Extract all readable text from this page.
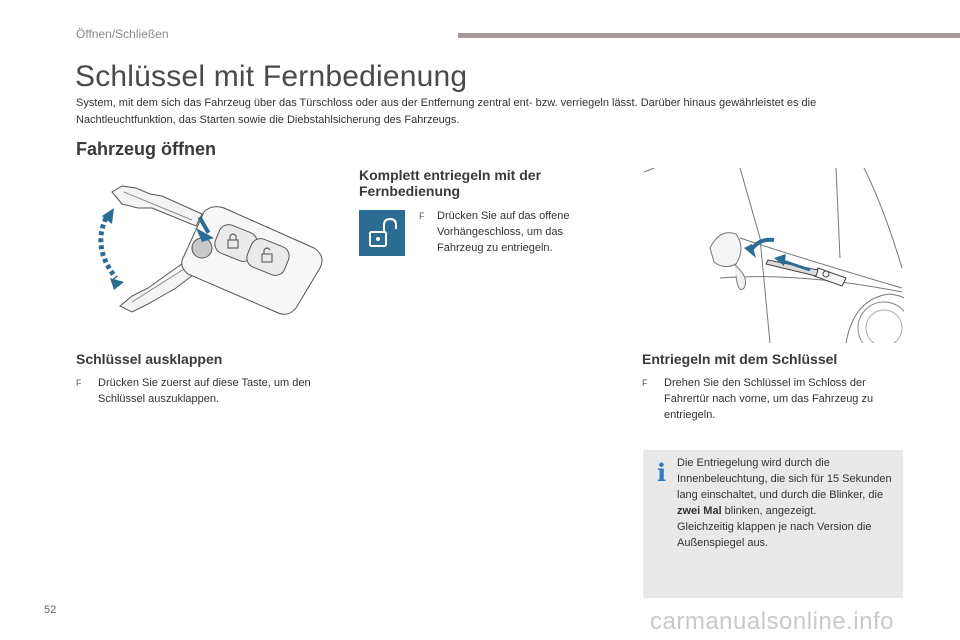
Öffnen/Schließen
Schlüssel mit Fernbedienung

System, mit dem sich das Fahrzeug über das Türschloss oder aus der Entfernung zentral ent- bzw. verriegeln lässt. Darüber hinaus gewährleistet es die Nachtleuchtfunktion, das Starten sowie die Diebstahlsicherung des Fahrzeugs.

Fahrzeug öffnen
Komplett entriegeln mit der Fernbedienung
F	Drücken Sie auf das offene Vorhängeschloss, um das Fahrzeug zu entriegeln.
Schlüssel ausklappen
F	Drücken Sie zuerst auf diese Taste, um den Schlüssel auszuklappen.
Entriegeln mit dem Schlüssel
F	Drehen Sie den Schlüssel im Schloss der Fahrertür nach vorne, um das Fahrzeug zu entriegeln.
i Die Entriegelung wird durch die Innenbeleuchtung, die sich für 15 Sekunden lang einschaltet, und durch die Blinker, die zwei Mal blinken, angezeigt.
Gleichzeitig klappen je nach Version die Außenspiegel aus.
52	carmanualsonline.info
